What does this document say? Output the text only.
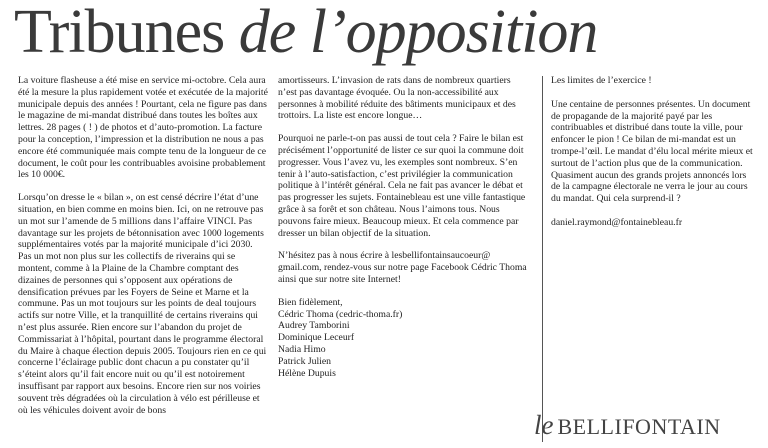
Tribunes de l’opposition

La voiture flasheuse a été mise en service mi-octobre. Cela aura été la mesure la plus rapidement votée et exécutée de la majorité municipale depuis des années ! Pourtant, cela ne figure pas dans le magazine de mi-mandat distribué dans toutes les boîtes aux lettres. 28 pages ( ! ) de photos et d’auto-promotion. La facture pour la conception, l’impression et la distribution ne nous a pas encore été communiquée mais compte tenu de la longueur de ce document, le coût pour les contribuables avoisine probablement les 10 000€.

Lorsqu’on dresse le « bilan », on est censé décrire l’état d’une situation, en bien comme en moins bien. Ici, on ne retrouve pas un mot sur l’amende de 5 millions dans l’affaire VINCI. Pas davantage sur les projets de bétonnisation avec 1000 logements supplémentaires votés par la majorité municipale d’ici 2030. Pas un mot non plus sur les collectifs de riverains qui se montent, comme à la Plaine de la Chambre comptant des dizaines de personnes qui s’opposent aux opérations de densification prévues par les Foyers de Seine et Marne et la commune. Pas un mot toujours sur les points de deal toujours actifs sur notre Ville, et la tranquillité de certains riverains qui n’est plus assurée. Rien encore sur l’abandon du projet de Commissariat à l’hôpital, pourtant dans le programme électoral du Maire à chaque élection depuis 2005. Toujours rien en ce qui concerne l’éclairage public dont chacun a pu constater qu’il s’éteint alors qu’il fait encore nuit ou qu’il est notoirement insuffisant par rapport aux besoins. Encore rien sur nos voiries souvent très dégradées où la circulation à vélo est périlleuse et où les véhicules doivent avoir de bons

amortisseurs. L’invasion de rats dans de nombreux quartiers n’est pas davantage évoquée. Ou la non-accessibilité aux personnes à mobilité réduite des bâtiments municipaux et des trottoirs. La liste est encore longue…

Pourquoi ne parle-t-on pas aussi de tout cela ? Faire le bilan est précisément l’opportunité de lister ce sur quoi la commune doit progresser. Vous l’avez vu, les exemples sont nombreux. S’en tenir à l’auto-satisfaction, c’est privilégier la communication politique à l’intérêt général. Cela ne fait pas avancer le débat et pas progresser les sujets. Fontainebleau est une ville fantastique grâce à sa forêt et son château. Nous l’aimons tous. Nous pouvons faire mieux. Beaucoup mieux. Et cela commence par dresser un bilan objectif de la situation.

N’hésitez pas à nous écrire à lesbellifontainsaucoeur@ gmail.com, rendez-vous sur notre page Facebook Cédric Thoma ainsi que sur notre site Internet!

Bien fidèlement,

Cédric Thoma (cedric-thoma.fr)

Audrey Tamborini

Dominique Leceurf

Nadia Himo

Patrick Julien

Hélène Dupuis

Les limites de l’exercice !

Une centaine de personnes présentes. Un document de propagande de la majorité payé par les contribuables et distribué dans toute la ville, pour enfoncer le pion ! Ce bilan de mi-mandat est un trompe-l’œil. Le mandat d’élu local mérite mieux et surtout de l’action plus que de la communication. Quasiment aucun des grands projets annoncés lors de la campagne électorale ne verra le jour au cours du mandat. Qui cela surprend-il ?

daniel.raymond@fontainebleau.fr

le BELLIFONTAIN
